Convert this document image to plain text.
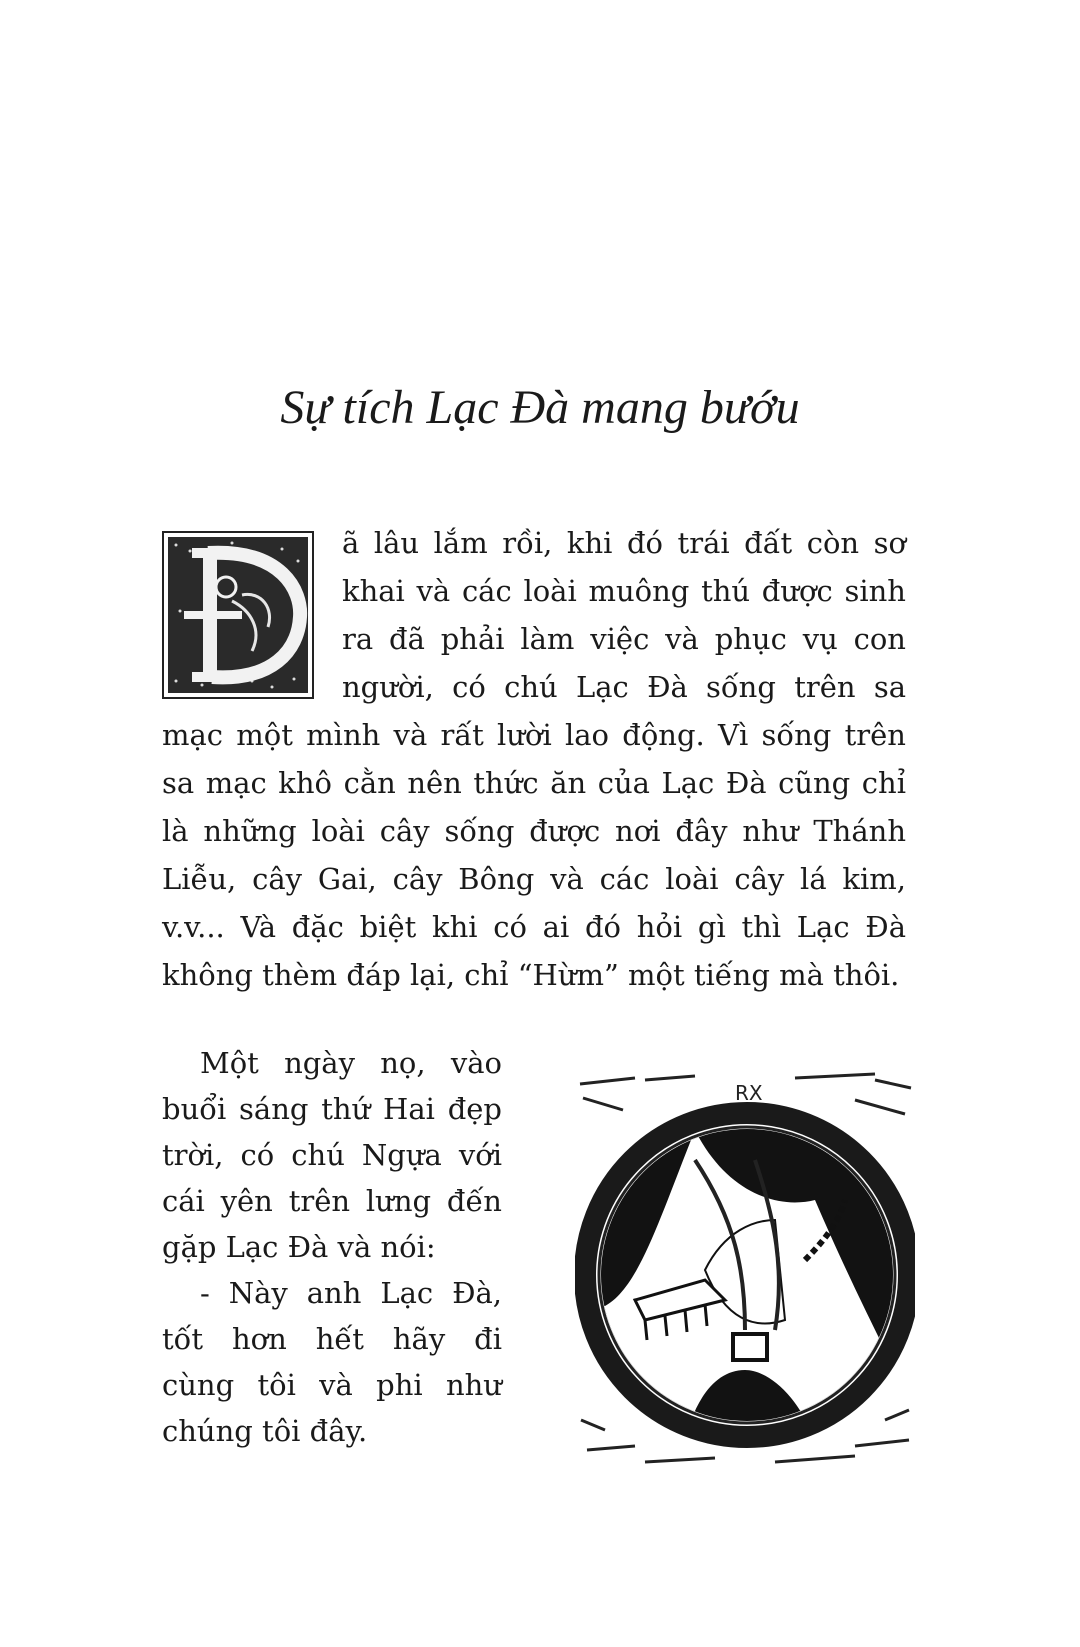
Sự tích Lạc Đà mang bướu

ã lâu lắm rồi, khi đó trái đất còn sơ khai và các loài muông thú được sinh ra đã phải làm việc và phục vụ con người, có chú Lạc Đà sống trên sa mạc một mình và rất lười lao động. Vì sống trên sa mạc khô cằn nên thức ăn của Lạc Đà cũng chỉ là những loài cây sống được nơi đây như Thánh Liễu, cây Gai, cây Bông và các loài cây lá kim, v.v... Và đặc biệt khi có ai đó hỏi gì thì Lạc Đà không thèm đáp lại, chỉ “Hừm” một tiếng mà thôi.

Một ngày nọ, vào buổi sáng thứ Hai đẹp trời, có chú Ngựa với cái yên trên lưng đến gặp Lạc Đà và nói:

- Này anh Lạc Đà, tốt hơn hết hãy đi cùng tôi và phi như chúng tôi đây.

RX
